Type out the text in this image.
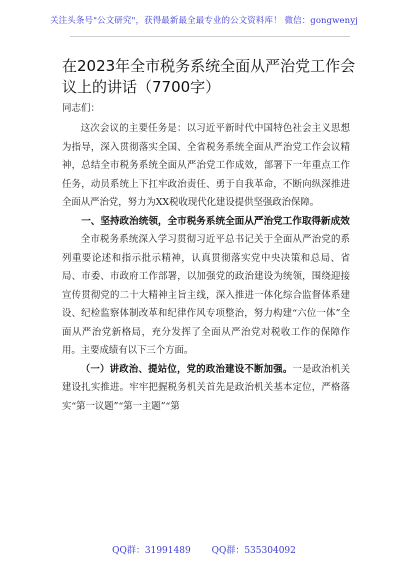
关注头条号"公文研究"，获得最新最全最专业的公文资料库！ 微信：gongwenyj
在2023年全市税务系统全面从严治党工作会议上的讲话（7700字）
同志们：

这次会议的主要任务是：以习近平新时代中国特色社会主义思想为指导，深入贯彻落实全国、全省税务系统全面从严治党工作会议精神，总结全市税务系统全面从严治党工作成效，部署下一年重点工作任务，动员系统上下扛牢政治责任、勇于自我革命，不断向纵深推进全面从严治党，努力为XX税收现代化建设提供坚强政治保障。

一、坚持政治统领，全市税务系统全面从严治党工作取得新成效

全市税务系统深入学习贯彻习近平总书记关于全面从严治党的系列重要论述和指示批示精神，认真贯彻落实党中央决策和总局、省局、市委、市政府工作部署，以加强党的政治建设为统领，围绕迎接宣传贯彻党的二十大精神主旨主线，深入推进一体化综合监督体系建设、纪检监察体制改革和纪律作风专项整治，努力构建“六位一体”全面从严治党新格局，充分发挥了全面从严治党对税收工作的保障作用。主要成绩有以下三个方面。

（一）讲政治、提站位，党的政治建设不断加强。一是政治机关建设扎实推进。牢牢把握税务机关首先是政治机关基本定位，严格落实“第一议题”“第一主题”“第

QQ群：31991489 QQ群：535304092
